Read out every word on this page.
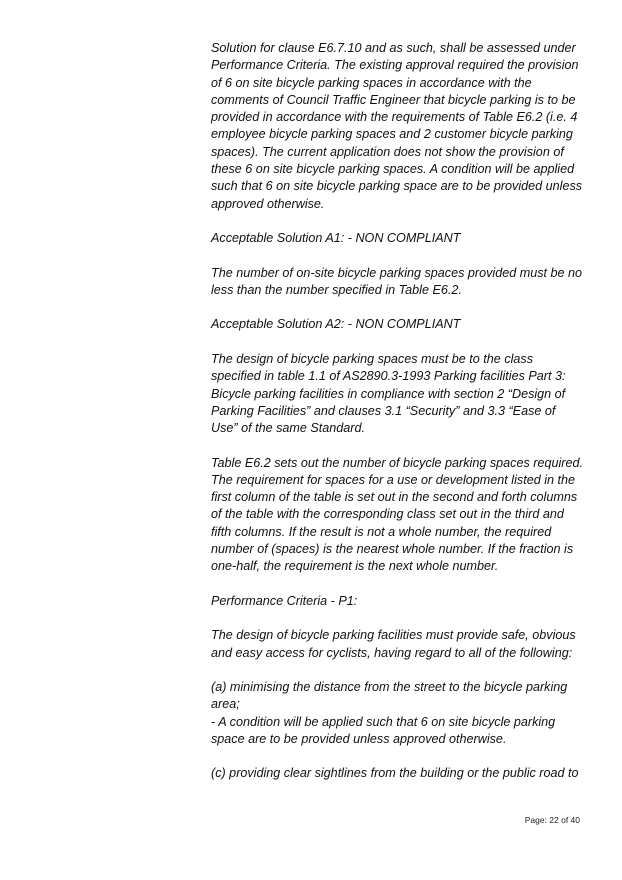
Solution for clause E6.7.10 and as such, shall be assessed under Performance Criteria. The existing approval required the provision of 6 on site bicycle parking spaces in accordance with the comments of Council Traffic Engineer that bicycle parking is to be provided in accordance with the requirements of Table E6.2 (i.e. 4 employee bicycle parking spaces and 2 customer bicycle parking spaces). The current application does not show the provision of these 6 on site bicycle parking spaces. A condition will be applied such that 6 on site bicycle parking space are to be provided unless approved otherwise.

Acceptable Solution A1: - NON COMPLIANT

The number of on-site bicycle parking spaces provided must be no less than the number specified in Table E6.2.

Acceptable Solution A2: - NON COMPLIANT

The design of bicycle parking spaces must be to the class specified in table 1.1 of AS2890.3-1993 Parking facilities Part 3: Bicycle parking facilities in compliance with section 2 “Design of Parking Facilities” and clauses 3.1 “Security” and 3.3 “Ease of Use” of the same Standard.

Table E6.2 sets out the number of bicycle parking spaces required. The requirement for spaces for a use or development listed in the first column of the table is set out in the second and forth columns of the table with the corresponding class set out in the third and fifth columns. If the result is not a whole number, the required number of (spaces) is the nearest whole number. If the fraction is one-half, the requirement is the next whole number.

Performance Criteria - P1:

The design of bicycle parking facilities must provide safe, obvious and easy access for cyclists, having regard to all of the following:

(a) minimising the distance from the street to the bicycle parking area;

- A condition will be applied such that 6 on site bicycle parking space are to be provided unless approved otherwise.

(c) providing clear sightlines from the building or the public road to

Page: 22 of 40
